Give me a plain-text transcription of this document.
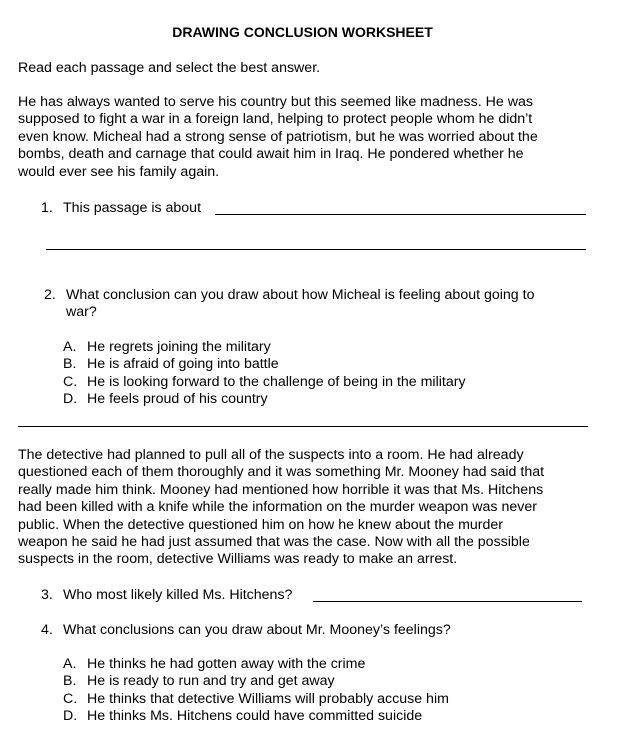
DRAWING CONCLUSION WORKSHEET
Read each passage and select the best answer.
He has always wanted to serve his country but this seemed like madness. He was
supposed to fight a war in a foreign land, helping to protect people whom he didn’t
even know. Micheal had a strong sense of patriotism, but he was worried about the
bombs, death and carnage that could await him in Iraq. He pondered whether he
would ever see his family again.
1. This passage is about
2. What conclusion can you draw about how Micheal is feeling about going to
war?
A. He regrets joining the military
B. He is afraid of going into battle
C. He is looking forward to the challenge of being in the military
D. He feels proud of his country
The detective had planned to pull all of the suspects into a room. He had already
questioned each of them thoroughly and it was something Mr. Mooney had said that
really made him think. Mooney had mentioned how horrible it was that Ms. Hitchens
had been killed with a knife while the information on the murder weapon was never
public. When the detective questioned him on how he knew about the murder
weapon he said he had just assumed that was the case. Now with all the possible
suspects in the room, detective Williams was ready to make an arrest.
3. Who most likely killed Ms. Hitchens?
4. What conclusions can you draw about Mr. Mooney’s feelings?
A. He thinks he had gotten away with the crime
B. He is ready to run and try and get away
C. He thinks that detective Williams will probably accuse him
D. He thinks Ms. Hitchens could have committed suicide
